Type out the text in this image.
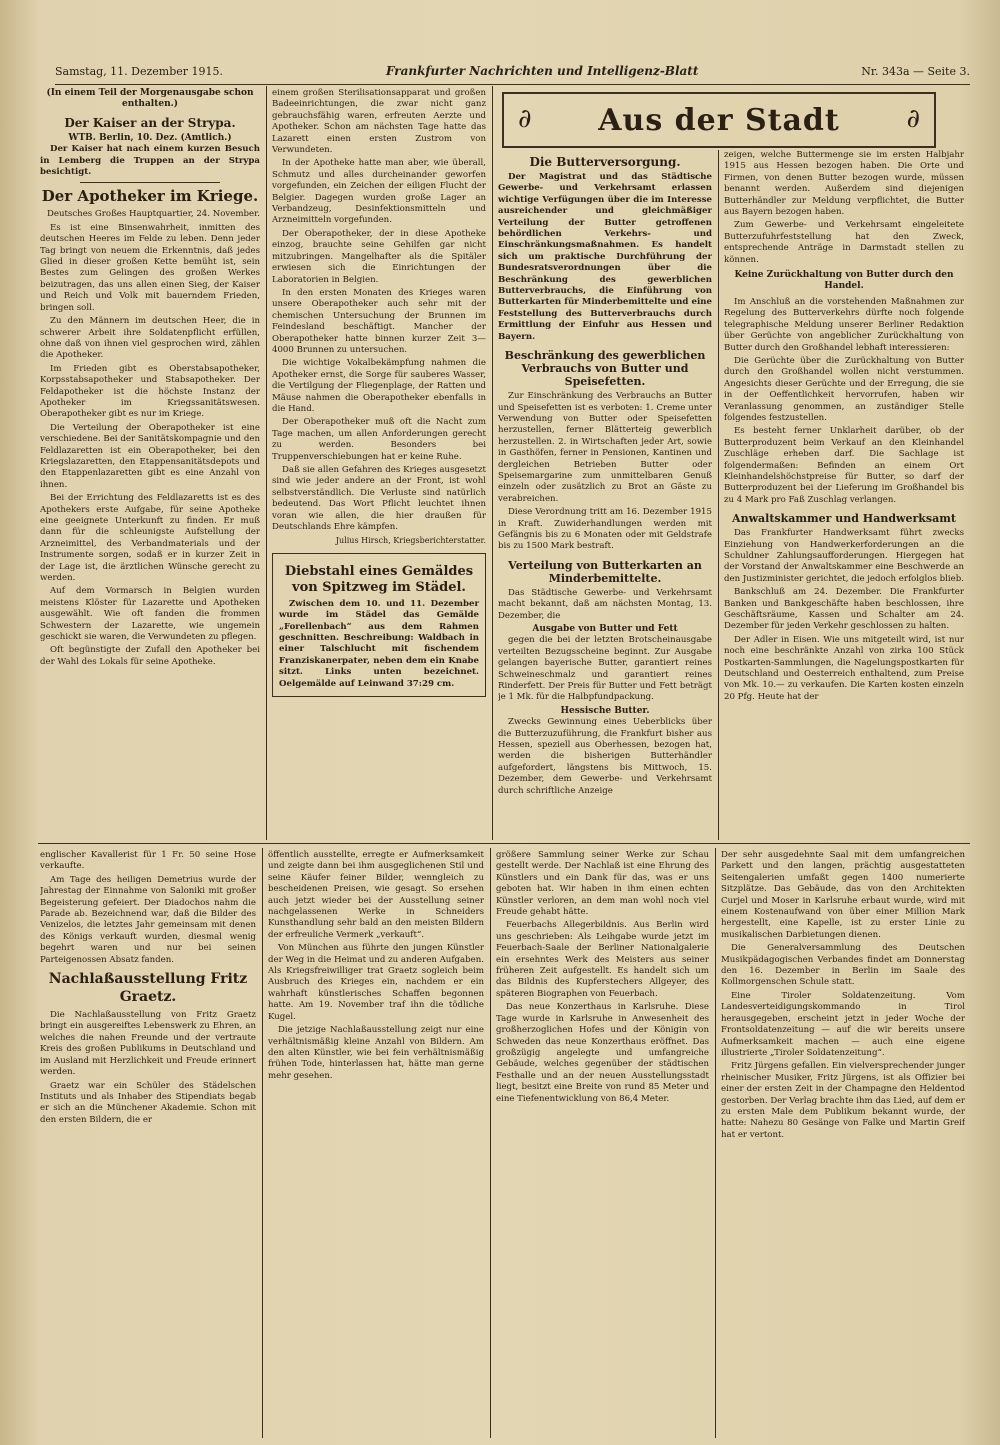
Samstag, 11. Dezember 1915.	Frankfurter Nachrichten und Intelligenz-Blatt	Nr. 343a — Seite 3.
(In einem Teil der Morgenausgabe schon enthalten.)
Der Kaiser an der Strypa.
WTB. Berlin, 10. Dez. (Amtlich.)

Der Kaiser hat nach einem kurzen Besuch in Lemberg die Truppen an der Strypa besichtigt.

Der Apotheker im Kriege.
Deutsches Großes Hauptquartier, 24. November.

Es ist eine Binsenwahrheit, inmitten des deutschen Heeres im Felde zu leben. Denn jeder Tag bringt von neuem die Erkenntnis, daß jedes Glied in dieser großen Kette bemüht ist, sein Bestes zum Gelingen des großen Werkes beizutragen, das uns allen einen Sieg, der Kaiser und Reich und Volk mit bauerndem Frieden, bringen soll.

Zu den Männern im deutschen Heer, die in schwerer Arbeit ihre Soldatenpflicht erfüllen, ohne daß von ihnen viel gesprochen wird, zählen die Apotheker.

Im Frieden gibt es Oberstabsapotheker, Korpsstabsapotheker und Stabsapotheker. Der Feldapotheker ist die höchste Instanz der Apotheker im Kriegssanitätswesen. Oberapotheker gibt es nur im Kriege.

Die Verteilung der Oberapotheker ist eine verschiedene. Bei der Sanitätskompagnie und den Feldlazaretten ist ein Oberapotheker, bei den Kriegslazaretten, den Etappensanitätsdepots und den Etappenlazaretten gibt es eine Anzahl von ihnen.

Bei der Errichtung des Feldlazaretts ist es des Apothekers erste Aufgabe, für seine Apotheke eine geeignete Unterkunft zu finden. Er muß dann für die schleunigste Aufstellung der Arzneimittel, des Verbandmaterials und der Instrumente sorgen, sodaß er in kurzer Zeit in der Lage ist, die ärztlichen Wünsche gerecht zu werden.

Auf dem Vormarsch in Belgien wurden meistens Klöster für Lazarette und Apotheken ausgewählt. Wie oft fanden die frommen Schwestern der Lazarette, wie ungemein geschickt sie waren, die Verwundeten zu pflegen.

Oft begünstigte der Zufall den Apotheker bei der Wahl des Lokals für seine Apotheke.

einem großen Sterilisationsapparat und großen Badeeinrichtungen, die zwar nicht ganz gebrauchsfähig waren, erfreuten Aerzte und Apotheker. Schon am nächsten Tage hatte das Lazarett einen ersten Zustrom von Verwundeten.

In der Apotheke hatte man aber, wie überall, Schmutz und alles durcheinander geworfen vorgefunden, ein Zeichen der eiligen Flucht der Belgier. Dagegen wurden große Lager an Verbandzeug, Desinfektionsmitteln und Arzneimitteln vorgefunden.

Der Oberapotheker, der in diese Apotheke einzog, brauchte seine Gehilfen gar nicht mitzubringen. Mangelhafter als die Spitäler erwiesen sich die Einrichtungen der Laboratorien in Belgien.

In den ersten Monaten des Krieges waren unsere Oberapotheker auch sehr mit der chemischen Untersuchung der Brunnen im Feindesland beschäftigt. Mancher der Oberapotheker hatte binnen kurzer Zeit 3—4000 Brunnen zu untersuchen.

Die wichtige Vokalbekämpfung nahmen die Apotheker ernst, die Sorge für sauberes Wasser, die Vertilgung der Fliegenplage, der Ratten und Mäuse nahmen die Oberapotheker ebenfalls in die Hand.

Der Oberapotheker muß oft die Nacht zum Tage machen, um allen Anforderungen gerecht zu werden. Besonders bei Truppenverschiebungen hat er keine Ruhe.

Daß sie allen Gefahren des Krieges ausgesetzt sind wie jeder andere an der Front, ist wohl selbstverständlich. Die Verluste sind natürlich bedeutend. Das Wort Pflicht leuchtet ihnen voran wie allen, die hier draußen für Deutschlands Ehre kämpfen.

Julius Hirsch, Kriegsberichterstatter.
Diebstahl eines Gemäldes von Spitzweg im Städel.

Zwischen dem 10. und 11. Dezember wurde im Städel das Gemälde „Forellenbach“ aus dem Rahmen geschnitten. Beschreibung: Waldbach in einer Talschlucht mit fischendem Franziskanerpater, neben dem ein Knabe sitzt. Links unten bezeichnet. Oelgemälde auf Leinwand 37:29 cm.

∂ Aus der Stadt	∂
Die Butterversorgung.

Der Magistrat und das Städtische Gewerbe- und Verkehrsamt erlassen wichtige Verfügungen über die im Interesse ausreichender und gleichmäßiger Verteilung der Butter getroffenen behördlichen Verkehrs- und Einschränkungsmaßnahmen. Es handelt sich um praktische Durchführung der Bundesratsverordnungen über die Beschränkung des gewerblichen Butterverbrauchs, die Einführung von Butterkarten für Minderbemittelte und eine Feststellung des Butterverbrauchs durch Ermittlung der Einfuhr aus Hessen und Bayern.

Beschränkung des gewerblichen Verbrauchs von Butter und Speisefetten.

Zur Einschränkung des Verbrauchs an Butter und Speisefetten ist es verboten: 1. Creme unter Verwendung von Butter oder Speisefetten herzustellen, ferner Blätterteig gewerblich herzustellen. 2. in Wirtschaften jeder Art, sowie in Gasthöfen, ferner in Pensionen, Kantinen und dergleichen Betrieben Butter oder Speisemargarine zum unmittelbaren Genuß einzeln oder zusätzlich zu Brot an Gäste zu verabreichen.

Diese Verordnung tritt am 16. Dezember 1915 in Kraft. Zuwiderhandlungen werden mit Gefängnis bis zu 6 Monaten oder mit Geldstrafe bis zu 1500 Mark bestraft.

Verteilung von Butterkarten an Minderbemittelte.

Das Städtische Gewerbe- und Verkehrsamt macht bekannt, daß am nächsten Montag, 13. Dezember, die

Ausgabe von Butter und Fett

gegen die bei der letzten Brotscheinausgabe verteilten Bezugsscheine beginnt. Zur Ausgabe gelangen bayerische Butter, garantiert reines Schweineschmalz und garantiert reines Rinderfett. Der Preis für Butter und Fett beträgt je 1 Mk. für die Halbpfundpackung.

Hessische Butter.

Zwecks Gewinnung eines Ueberblicks über die Butterzuzuführung, die Frankfurt bisher aus Hessen, speziell aus Oberhessen, bezogen hat, werden die bisherigen Butterhändler aufgefordert, längstens bis Mittwoch, 15. Dezember, dem Gewerbe- und Verkehrsamt durch schriftliche Anzeige

zeigen, welche Buttermenge sie im ersten Halbjahr 1915 aus Hessen bezogen haben. Die Orte und Firmen, von denen Butter bezogen wurde, müssen benannt werden. Außerdem sind diejenigen Butterhändler zur Meldung verpflichtet, die Butter aus Bayern bezogen haben.

Zum Gewerbe- und Verkehrsamt eingeleitete Butterzufuhrfeststellung hat den Zweck, entsprechende Anträge in Darmstadt stellen zu können.

Keine Zurückhaltung von Butter durch den Handel.

Im Anschluß an die vorstehenden Maßnahmen zur Regelung des Butterverkehrs dürfte noch folgende telegraphische Meldung unserer Berliner Redaktion über Gerüchte von angeblicher Zurückhaltung von Butter durch den Großhandel lebhaft interessieren:

Die Gerüchte über die Zurückhaltung von Butter durch den Großhandel wollen nicht verstummen. Angesichts dieser Gerüchte und der Erregung, die sie in der Oeffentlichkeit hervorrufen, haben wir Veranlassung genommen, an zuständiger Stelle folgendes festzustellen.

Es besteht ferner Unklarheit darüber, ob der Butterproduzent beim Verkauf an den Kleinhandel Zuschläge erheben darf. Die Sachlage ist folgendermaßen: Befinden an einem Ort Kleinhandelshöchstpreise für Butter, so darf der Butterproduzent bei der Lieferung im Großhandel bis zu 4 Mark pro Faß Zuschlag verlangen.

Anwaltskammer und Handwerksamt

Das Frankfurter Handwerksamt führt zwecks Einziehung von Handwerkerforderungen an die Schuldner Zahlungsaufforderungen. Hiergegen hat der Vorstand der Anwaltskammer eine Beschwerde an den Justizminister gerichtet, die jedoch erfolglos blieb.

Bankschluß am 24. Dezember. Die Frankfurter Banken und Bankgeschäfte haben beschlossen, ihre Geschäftsräume, Kassen und Schalter am 24. Dezember für jeden Verkehr geschlossen zu halten.

Der Adler in Eisen. Wie uns mitgeteilt wird, ist nur noch eine beschränkte Anzahl von zirka 100 Stück Postkarten-Sammlungen, die Nagelungspostkarten für Deutschland und Oesterreich enthaltend, zum Preise von Mk. 10.— zu verkaufen. Die Karten kosten einzeln 20 Pfg. Heute hat der

englischer Kavallerist für 1 Fr. 50 seine Hose verkaufte.

Am Tage des heiligen Demetrius wurde der Jahrestag der Einnahme von Saloniki mit großer Begeisterung gefeiert. Der Diadochos nahm die Parade ab. Bezeichnend war, daß die Bilder des Venizelos, die letztes Jahr gemeinsam mit denen des Königs verkauft wurden, diesmal wenig begehrt waren und nur bei seinen Parteigenossen Absatz fanden.

Nachlaßausstellung Fritz Graetz.

Die Nachlaßausstellung von Fritz Graetz bringt ein ausgereiftes Lebenswerk zu Ehren, an welches die nahen Freunde und der vertraute Kreis des großen Publikums in Deutschland und im Ausland mit Herzlichkeit und Freude erinnert werden.

Graetz war ein Schüler des Städelschen Instituts und als Inhaber des Stipendiats begab er sich an die Münchener Akademie. Schon mit den ersten Bildern, die er

öffentlich ausstellte, erregte er Aufmerksamkeit und zeigte dann bei ihm ausgeglichenen Stil und seine Käufer feiner Bilder, wenngleich zu bescheidenen Preisen, wie gesagt. So ersehen auch jetzt wieder bei der Ausstellung seiner nachgelassenen Werke in Schneiders Kunsthandlung sehr bald an den meisten Bildern der erfreuliche Vermerk „verkauft“.

Von München aus führte den jungen Künstler der Weg in die Heimat und zu anderen Aufgaben. Als Kriegsfreiwilliger trat Graetz sogleich beim Ausbruch des Krieges ein, nachdem er ein wahrhaft künstlerisches Schaffen begonnen hatte. Am 19. November traf ihn die tödliche Kugel.

Die jetzige Nachlaßausstellung zeigt nur eine verhältnismäßig kleine Anzahl von Bildern. Am den alten Künstler, wie bei fein verhältnismäßig frühen Tode, hinterlassen hat, hätte man gerne mehr gesehen.

größere Sammlung seiner Werke zur Schau gestellt werde. Der Nachlaß ist eine Ehrung des Künstlers und ein Dank für das, was er uns geboten hat. Wir haben in ihm einen echten Künstler verloren, an dem man wohl noch viel Freude gehabt hätte.

Feuerbachs Allegerbildnis. Aus Berlin wird uns geschrieben: Als Leihgabe wurde jetzt im Feuerbach-Saale der Berliner Nationalgalerie ein ersehntes Werk des Meisters aus seiner früheren Zeit aufgestellt. Es handelt sich um das Bildnis des Kupferstechers Allgeyer, des späteren Biographen von Feuerbach.

Das neue Konzerthaus in Karlsruhe. Diese Tage wurde in Karlsruhe in Anwesenheit des großherzoglichen Hofes und der Königin von Schweden das neue Konzerthaus eröffnet. Das großzügig angelegte und umfangreiche Gebäude, welches gegenüber der städtischen Festhalle und an der neuen Ausstellungsstadt liegt, besitzt eine Breite von rund 85 Meter und eine Tiefenentwicklung von 86,4 Meter.

Der sehr ausgedehnte Saal mit dem umfangreichen Parkett und den langen, prächtig ausgestatteten Seitengalerien umfaßt gegen 1400 numerierte Sitzplätze. Das Gebäude, das von den Architekten Curjel und Moser in Karlsruhe erbaut wurde, wird mit einem Kostenaufwand von über einer Million Mark hergestellt, eine Kapelle, ist zu erster Linie zu musikalischen Darbietungen dienen.

Die Generalversammlung des Deutschen Musikpädagogischen Verbandes findet am Donnerstag den 16. Dezember in Berlin im Saale des Kollmorgenschen Schule statt.

Eine Tiroler Soldatenzeitung. Vom Landesverteidigungskommando in Tirol herausgegeben, erscheint jetzt in jeder Woche der Frontsoldatenzeitung — auf die wir bereits unsere Aufmerksamkeit machen — auch eine eigene illustrierte „Tiroler Soldatenzeitung“.

Fritz Jürgens gefallen. Ein vielversprechender junger rheinischer Musiker, Fritz Jürgens, ist als Offizier bei einer der ersten Zeit in der Champagne den Heldentod gestorben. Der Verlag brachte ihm das Lied, auf dem er zu ersten Male dem Publikum bekannt wurde, der hatte: Nahezu 80 Gesänge von Falke und Martin Greif hat er vertont.
